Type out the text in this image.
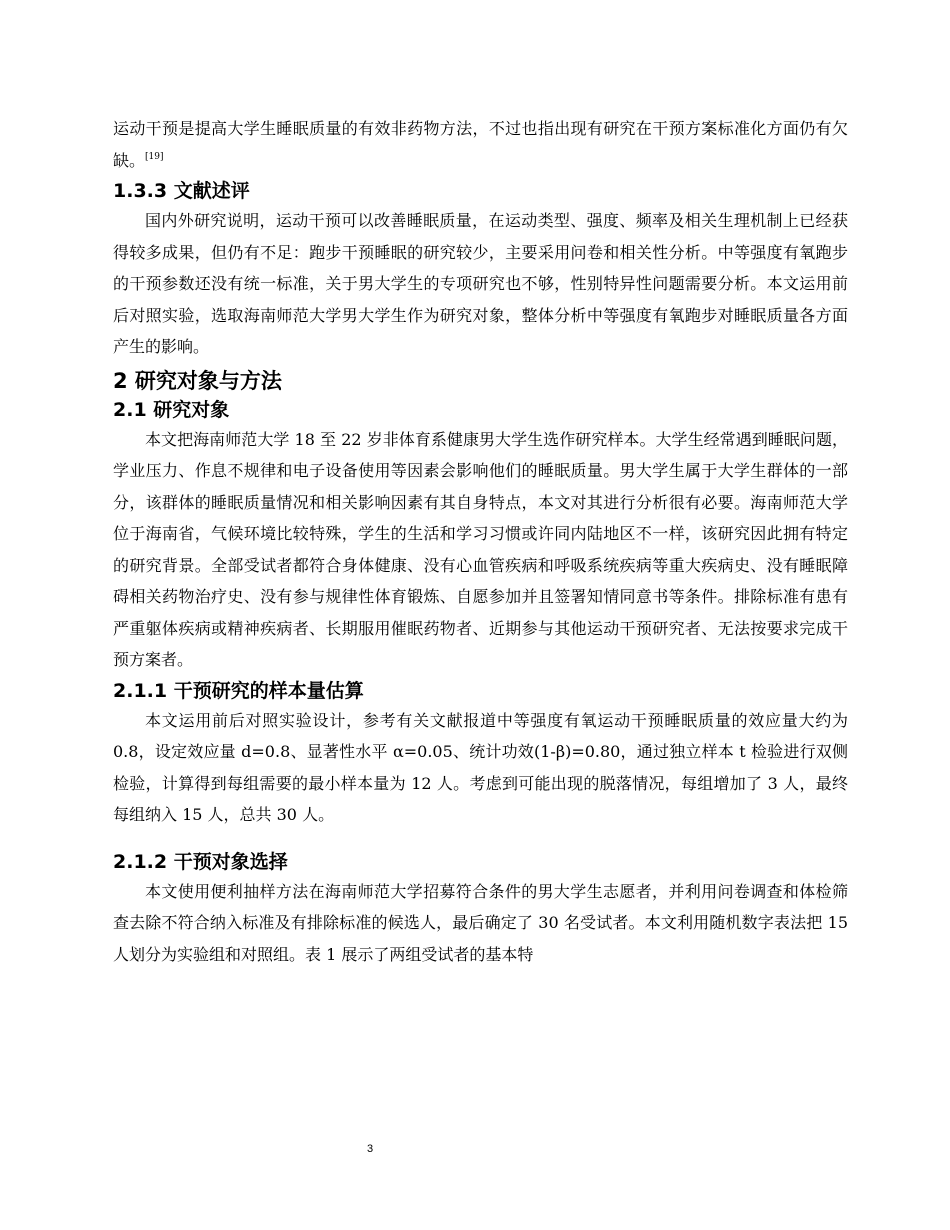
运动干预是提高大学生睡眠质量的有效非药物方法，不过也指出现有研究在干预方案标准化方面仍有欠缺。[19]

1.3.3 文献述评

国内外研究说明，运动干预可以改善睡眠质量，在运动类型、强度、频率及相关生理机制上已经获得较多成果，但仍有不足：跑步干预睡眠的研究较少，主要采用问卷和相关性分析。中等强度有氧跑步的干预参数还没有统一标准，关于男大学生的专项研究也不够，性别特异性问题需要分析。本文运用前后对照实验，选取海南师范大学男大学生作为研究对象，整体分析中等强度有氧跑步对睡眠质量各方面产生的影响。

2 研究对象与方法
2.1 研究对象

本文把海南师范大学 18 至 22 岁非体育系健康男大学生选作研究样本。大学生经常遇到睡眠问题，学业压力、作息不规律和电子设备使用等因素会影响他们的睡眠质量。男大学生属于大学生群体的一部分，该群体的睡眠质量情况和相关影响因素有其自身特点，本文对其进行分析很有必要。海南师范大学位于海南省，气候环境比较特殊，学生的生活和学习习惯或许同内陆地区不一样，该研究因此拥有特定的研究背景。全部受试者都符合身体健康、没有心血管疾病和呼吸系统疾病等重大疾病史、没有睡眠障碍相关药物治疗史、没有参与规律性体育锻炼、自愿参加并且签署知情同意书等条件。排除标准有患有严重躯体疾病或精神疾病者、长期服用催眠药物者、近期参与其他运动干预研究者、无法按要求完成干预方案者。

2.1.1 干预研究的样本量估算

本文运用前后对照实验设计，参考有关文献报道中等强度有氧运动干预睡眠质量的效应量大约为 0.8，设定效应量 d=0.8、显著性水平 α=0.05、统计功效(1-β)=0.80，通过独立样本 t 检验进行双侧检验，计算得到每组需要的最小样本量为 12 人。考虑到可能出现的脱落情况，每组增加了 3 人，最终每组纳入 15 人，总共 30 人。

2.1.2 干预对象选择

本文使用便利抽样方法在海南师范大学招募符合条件的男大学生志愿者，并利用问卷调查和体检筛查去除不符合纳入标准及有排除标准的候选人，最后确定了 30 名受试者。本文利用随机数字表法把 15 人划分为实验组和对照组。表 1 展示了两组受试者的基本特

3
